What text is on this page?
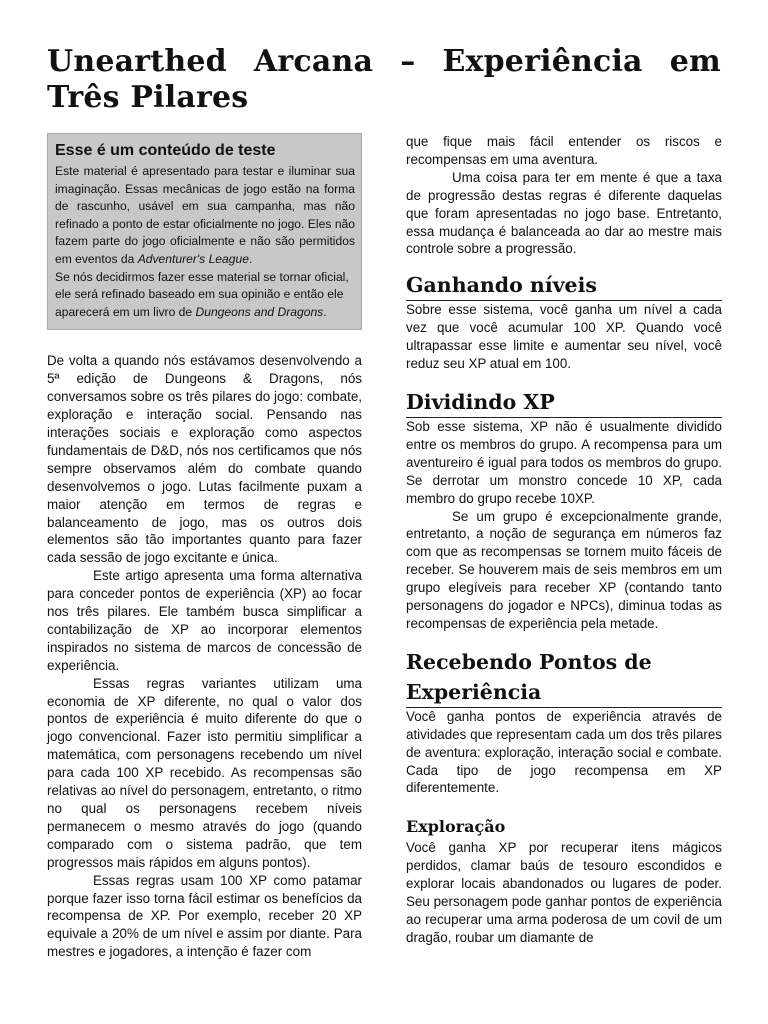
Unearthed Arcana – Experiência em Três Pilares
Esse é um conteúdo de teste

Este material é apresentado para testar e iluminar sua imaginação. Essas mecânicas de jogo estão na forma de rascunho, usável em sua campanha, mas não refinado a ponto de estar oficialmente no jogo. Eles não fazem parte do jogo oficialmente e não são permitidos em eventos da Adventurer's League.

Se nós decidirmos fazer esse material se tornar oficial, ele será refinado baseado em sua opinião e então ele aparecerá em um livro de Dungeons and Dragons.

De volta a quando nós estávamos desenvolvendo a 5ª edição de Dungeons & Dragons, nós conversamos sobre os três pilares do jogo: combate, exploração e interação social. Pensando nas interações sociais e exploração como aspectos fundamentais de D&D, nós nos certificamos que nós sempre observamos além do combate quando desenvolvemos o jogo. Lutas facilmente puxam a maior atenção em termos de regras e balanceamento de jogo, mas os outros dois elementos são tão importantes quanto para fazer cada sessão de jogo excitante e única.

Este artigo apresenta uma forma alternativa para conceder pontos de experiência (XP) ao focar nos três pilares. Ele também busca simplificar a contabilização de XP ao incorporar elementos inspirados no sistema de marcos de concessão de experiência.

Essas regras variantes utilizam uma economia de XP diferente, no qual o valor dos pontos de experiência é muito diferente do que o jogo convencional. Fazer isto permitiu simplificar a matemática, com personagens recebendo um nível para cada 100 XP recebido. As recompensas são relativas ao nível do personagem, entretanto, o ritmo no qual os personagens recebem níveis permanecem o mesmo através do jogo (quando comparado com o sistema padrão, que tem progressos mais rápidos em alguns pontos).

Essas regras usam 100 XP como patamar porque fazer isso torna fácil estimar os benefícios da recompensa de XP. Por exemplo, receber 20 XP equivale a 20% de um nível e assim por diante. Para mestres e jogadores, a intenção é fazer com

que fique mais fácil entender os riscos e recompensas em uma aventura.

Uma coisa para ter em mente é que a taxa de progressão destas regras é diferente daquelas que foram apresentadas no jogo base. Entretanto, essa mudança é balanceada ao dar ao mestre mais controle sobre a progressão.

Ganhando níveis

Sobre esse sistema, você ganha um nível a cada vez que você acumular 100 XP. Quando você ultrapassar esse limite e aumentar seu nível, você reduz seu XP atual em 100.

Dividindo XP

Sob esse sistema, XP não é usualmente dividido entre os membros do grupo. A recompensa para um aventureiro é igual para todos os membros do grupo. Se derrotar um monstro concede 10 XP, cada membro do grupo recebe 10XP.

Se um grupo é excepcionalmente grande, entretanto, a noção de segurança em números faz com que as recompensas se tornem muito fáceis de receber. Se houverem mais de seis membros em um grupo elegíveis para receber XP (contando tanto personagens do jogador e NPCs), diminua todas as recompensas de experiência pela metade.

Recebendo Pontos de Experiência

Você ganha pontos de experiência através de atividades que representam cada um dos três pilares de aventura: exploração, interação social e combate. Cada tipo de jogo recompensa em XP diferentemente.

Exploração

Você ganha XP por recuperar itens mágicos perdidos, clamar baús de tesouro escondidos e explorar locais abandonados ou lugares de poder. Seu personagem pode ganhar pontos de experiência ao recuperar uma arma poderosa de um covil de um dragão, roubar um diamante de
